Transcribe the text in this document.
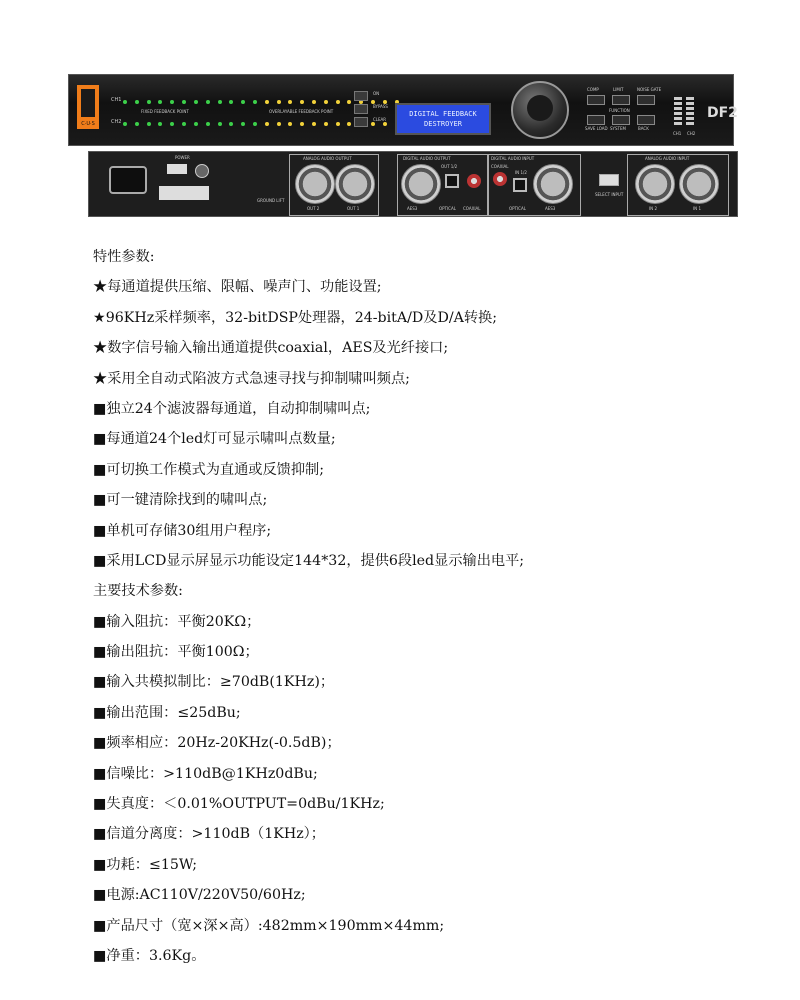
C·U·S
CH1
FIXED FEEDBACK POINT	OVERLAYABLE FEEDBACK POINT
CH2
ON
BYPASS
CLEAR
DIGITAL FEEDBACK
DESTROYER
COMP	LIMIT	NOISE GATE
FUNCTION
SAVE LOAD SYSTEM	BACK
CH1 CH2
DF2
POWER
GROUND LIFT
ANALOG AUDIO OUTPUT
OUT 2	OUT 1
DIGITAL AUDIO OUTPUT
OUT 1/2
AES3	OPTICAL COAXIAL
DIGITAL AUDIO INPUT
COAXIAL
IN 1/2
OPTICAL	AES3
SELECT INPUT
ANALOG AUDIO INPUT
IN 2	IN 1
特性参数:
★每通道提供压缩、限幅、噪声门、功能设置;
★96KHz采样频率，32-bitDSP处理器，24-bitA/D及D/A转换;
★数字信号输入输出通道提供coaxial，AES及光纤接口;
★采用全自动式陷波方式急速寻找与抑制啸叫频点;
■独立24个滤波器每通道，自动抑制啸叫点;
■每通道24个led灯可显示啸叫点数量;
■可切换工作模式为直通或反馈抑制;
■可一键清除找到的啸叫点;
■单机可存储30组用户程序;
■采用LCD显示屏显示功能设定144*32，提供6段led显示输出电平;
主要技术参数:
■输入阻抗：平衡20KΩ；
■输出阻抗：平衡100Ω；
■输入共模拟制比：≥70dB(1KHz)；
■输出范围：≤25dBu;
■频率相应：20Hz-20KHz(-0.5dB)；
■信噪比：>110dB@1KHz0dBu;
■失真度：＜0.01%OUTPUT=0dBu/1KHz;
■信道分离度：>110dB（1KHz）；
■功耗：≤15W;
■电源:AC110V/220V50/60Hz;
■产品尺寸（宽×深×高）:482mm×190mm×44mm;
■净重：3.6Kg。
